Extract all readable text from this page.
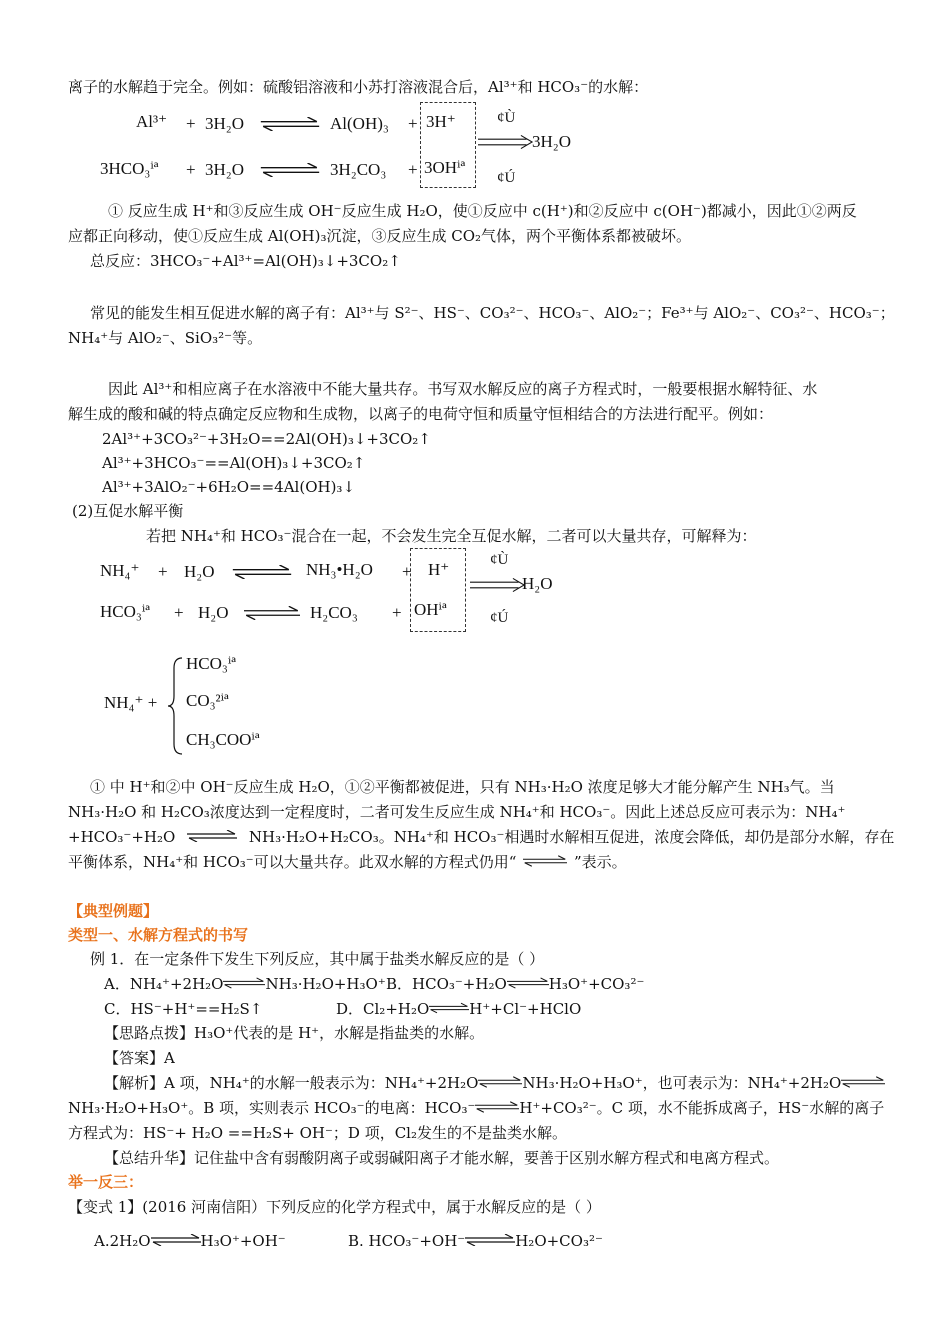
离子的水解趋于完全。例如：硫酸铝溶液和小苏打溶液混合后，Al³⁺和 HCO₃⁻的水解：
Al³⁺ + 3H₂O	Al(OH)₃ + 3H⁺	¢Ù
3HCO₃ⁱª + 3H₂O	3H₂CO₃ + 3OHⁱª
¢Ú
3H₂O
① 反应生成 H⁺和③反应生成 OH⁻反应生成 H₂O，使①反应中 c(H⁺)和②反应中 c(OH⁻)都减小，因此①②两反
应都正向移动，使①反应生成 Al(OH)₃沉淀，③反应生成 CO₂气体，两个平衡体系都被破坏。
总反应：3HCO₃⁻+Al³⁺=Al(OH)₃↓+3CO₂↑
常见的能发生相互促进水解的离子有：Al³⁺与 S²⁻、HS⁻、CO₃²⁻、HCO₃⁻、AlO₂⁻；Fe³⁺与 AlO₂⁻、CO₃²⁻、HCO₃⁻；
NH₄⁺与 AlO₂⁻、SiO₃²⁻等。
因此 Al³⁺和相应离子在水溶液中不能大量共存。书写双水解反应的离子方程式时，一般要根据水解特征、水
解生成的酸和碱的特点确定反应物和生成物，以离子的电荷守恒和质量守恒相结合的方法进行配平。例如：
2Al³⁺+3CO₃²⁻+3H₂O==2Al(OH)₃↓+3CO₂↑
Al³⁺+3HCO₃⁻==Al(OH)₃↓+3CO₂↑
Al³⁺+3AlO₂⁻+6H₂O==4Al(OH)₃↓
(2)互促水解平衡
若把 NH₄⁺和 HCO₃⁻混合在一起，不会发生完全互促水解，二者可以大量共存，可解释为：
NH₄⁺ + H₂O	NH₃•H₂O + H⁺	¢Ù
HCO₃ⁱª + H₂O	H₂CO₃ + OHⁱª	¢Ú
H₂O
NH₄⁺ +
HCO₃ⁱª
CO₃²ⁱª
CH₃COOⁱª
① 中 H⁺和②中 OH⁻反应生成 H₂O，①②平衡都被促进，只有 NH₃·H₂O 浓度足够大才能分解产生 NH₃气。当
NH₃·H₂O 和 H₂CO₃浓度达到一定程度时，二者可发生反应生成 NH₄⁺和 HCO₃⁻。因此上述总反应可表示为：NH₄⁺
+HCO₃⁻+H₂O	NH₃·H₂O+H₂CO₃。NH₄⁺和 HCO₃⁻相遇时水解相互促进，浓度会降低，却仍是部分水解，存在
平衡体系，NH₄⁺和 HCO₃⁻可以大量共存。此双水解的方程式仍用“	”表示。
【典型例题】
类型一、水解方程式的书写
例 1．在一定条件下发生下列反应，其中属于盐类水解反应的是（ ）
A．NH₄⁺+2H₂O	NH₃·H₂O+H₃O⁺ B．HCO₃⁻+H₂O	H₃O⁺+CO₃²⁻
C．HS⁻+H⁺==H₂S↑	D．Cl₂+H₂O	H⁺+Cl⁻+HClO
【思路点拨】H₃O⁺代表的是 H⁺，水解是指盐类的水解。
【答案】A
【解析】A 项，NH₄⁺的水解一般表示为：NH₄⁺+2H₂O	NH₃·H₂O+H₃O⁺，也可表示为：NH₄⁺+2H₂O
NH₃·H₂O+H₃O⁺。B 项，实则表示 HCO₃⁻的电离：HCO₃⁻	H⁺+CO₃²⁻。C 项，水不能拆成离子，HS⁻水解的离子
方程式为：HS⁻+ H₂O ==H₂S+ OH⁻；D 项，Cl₂发生的不是盐类水解。
【总结升华】记住盐中含有弱酸阴离子或弱碱阳离子才能水解，要善于区别水解方程式和电离方程式。
举一反三：
【变式 1】(2016 河南信阳）下列反应的化学方程式中，属于水解反应的是（ ）
A.2H₂O	H₃O⁺+OH⁻	B. HCO₃⁻+OH⁻	H₂O+CO₃²⁻
